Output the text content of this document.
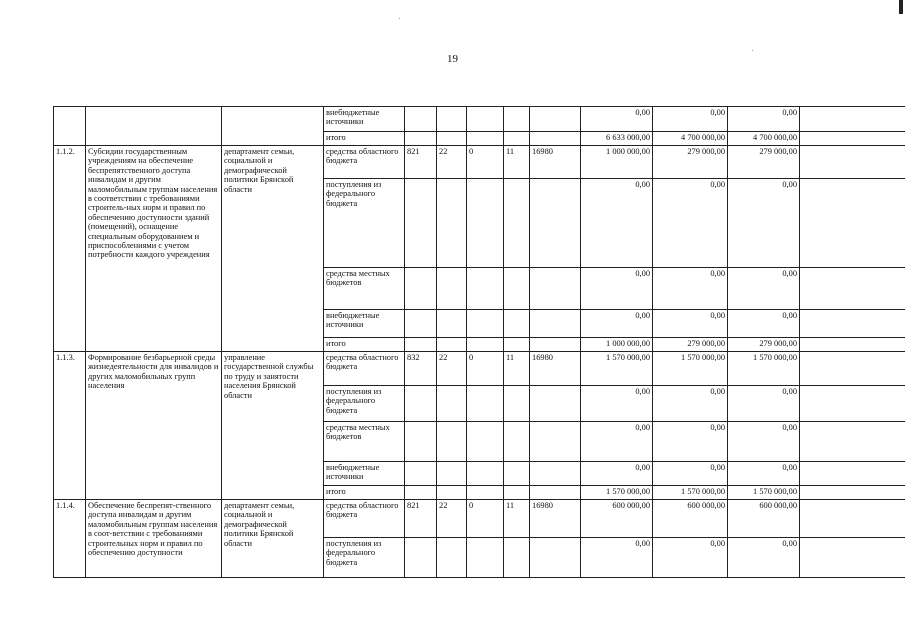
19
			внебюджетные источники						0,00	0,00	0,00	
			итого						6 633 000,00	4 700 000,00	4 700 000,00	
1.1.2.	Субсидии государственным учреждениям на обеспечение беспрепятственного доступа инвалидам и другим маломобильным группам населения в соответствии с требованиями строитель-ных норм и правил по обеспечению доступности зданий (помещений), оснащение специальным оборудованием и приспособлениями с учетом потребности каждого учреждения	департамент семьи, социальной и демографической политики Брянской области	средства областного бюджета	821	22	0	11	16980	1 000 000,00	279 000,00	279 000,00	
			поступления из федерального бюджета						0,00	0,00	0,00	
			средства местных бюджетов						0,00	0,00	0,00	
			внебюджетные источники						0,00	0,00	0,00	
			итого						1 000 000,00	279 000,00	279 000,00	
1.1.3.	Формирование безбарьерной среды жизнедеятельности для инвалидов и других маломобильных групп населения	управление государственной службы по труду и занятости населения Брянской области	средства областного бюджета	832	22	0	11	16980	1 570 000,00	1 570 000,00	1 570 000,00	
			поступления из федерального бюджета						0,00	0,00	0,00	
			средства местных бюджетов						0,00	0,00	0,00	
			внебюджетные источники						0,00	0,00	0,00	
			итого						1 570 000,00	1 570 000,00	1 570 000,00	
1.1.4.	Обеспечение беспрепят-ственного доступа инвалидам и другим маломобильным группам населения в соот-ветствии с требованиями строительных норм и правил по обеспечению доступности	департамент семьи, социальной и демографической политики Брянской области	средства областного бюджета	821	22	0	11	16980	600 000,00	600 000,00	600 000,00	
			поступления из федерального бюджета						0,00	0,00	0,00	
